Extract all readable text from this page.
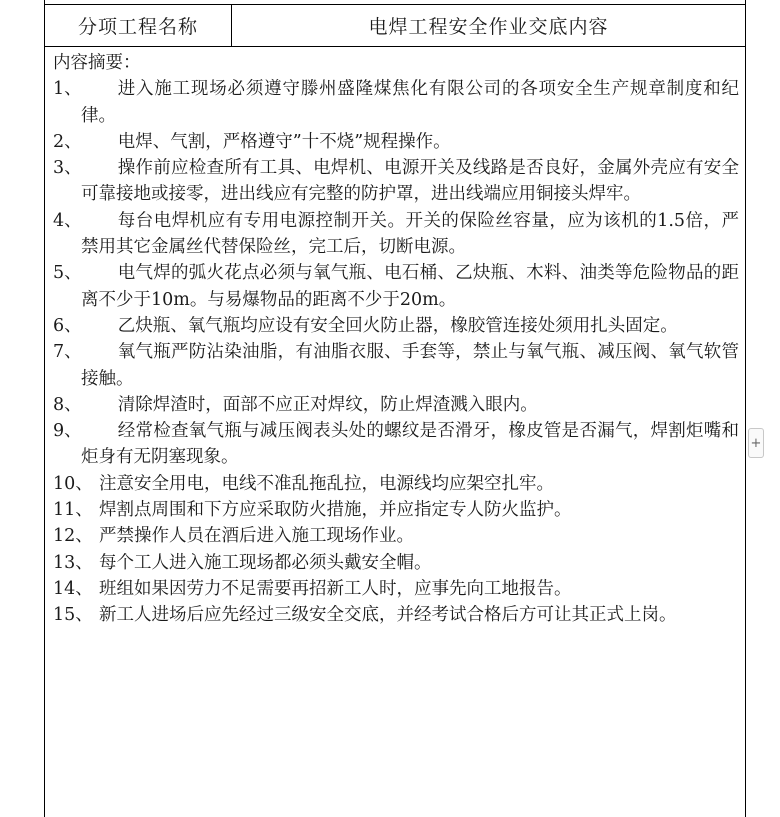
分项工程名称	电焊工程安全作业交底内容
内容摘要：
1、	进入施工现场必须遵守滕州盛隆煤焦化有限公司的各项安全生产规章制度和纪律。
2、	电焊、气割，严格遵守”十不烧”规程操作。
3、	操作前应检查所有工具、电焊机、电源开关及线路是否良好，金属外壳应有安全可靠接地或接零，进出线应有完整的防护罩，进出线端应用铜接头焊牢。
4、	每台电焊机应有专用电源控制开关。开关的保险丝容量，应为该机的1.5倍，严禁用其它金属丝代替保险丝，完工后，切断电源。
5、	电气焊的弧火花点必须与氧气瓶、电石桶、乙炔瓶、木料、油类等危险物品的距离不少于10m。与易爆物品的距离不少于20m。
6、	乙炔瓶、氧气瓶均应设有安全回火防止器，橡胶管连接处须用扎头固定。
7、	氧气瓶严防沾染油脂，有油脂衣服、手套等，禁止与氧气瓶、减压阀、氧气软管接触。
8、	清除焊渣时，面部不应正对焊纹，防止焊渣溅入眼内。
9、	经常检查氧气瓶与减压阀表头处的螺纹是否滑牙，橡皮管是否漏气，焊割炬嘴和炬身有无阴塞现象。
10、 注意安全用电，电线不准乱拖乱拉，电源线均应架空扎牢。
11、 焊割点周围和下方应采取防火措施，并应指定专人防火监护。
12、 严禁操作人员在酒后进入施工现场作业。
13、 每个工人进入施工现场都必须头戴安全帽。
14、 班组如果因劳力不足需要再招新工人时，应事先向工地报告。
15、 新工人进场后应先经过三级安全交底，并经考试合格后方可让其正式上岗。
+
